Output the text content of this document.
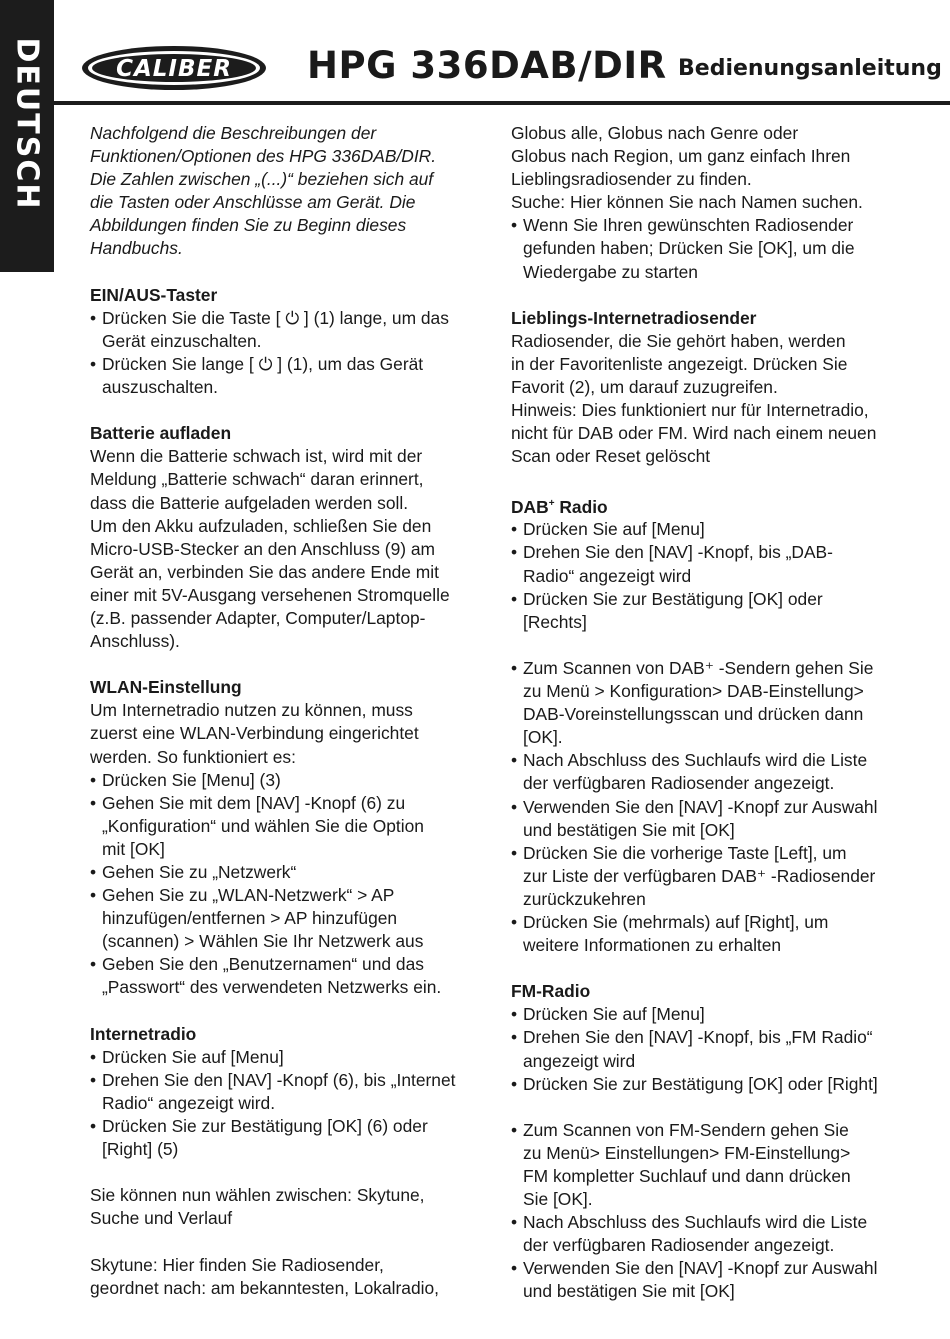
DEUTSCH	CALIBER HPG 336DAB/DIR Bedienungsanleitung

Nachfolgend die Beschreibungen der
Funktionen/Optionen des HPG 336DAB/DIR.
Die Zahlen zwischen „(...)“ beziehen sich auf
die Tasten oder Anschlüsse am Gerät. Die
Abbildungen finden Sie zu Beginn dieses
Handbuchs.

EIN/AUS-Taster

• Drücken Sie die Taste [ ⏻ ] (1) lange, um das
Gerät einzuschalten.
• Drücken Sie lange [ ⏻ ] (1), um das Gerät
auszuschalten.

Batterie aufladen

Wenn die Batterie schwach ist, wird mit der
Meldung „Batterie schwach“ daran erinnert,
dass die Batterie aufgeladen werden soll.
Um den Akku aufzuladen, schließen Sie den
Micro-USB-Stecker an den Anschluss (9) am
Gerät an, verbinden Sie das andere Ende mit
einer mit 5V-Ausgang versehenen Stromquelle
(z.B. passender Adapter, Computer/Laptop-
Anschluss).

WLAN-Einstellung

Um Internetradio nutzen zu können, muss
zuerst eine WLAN-Verbindung eingerichtet
werden. So funktioniert es:

• Drücken Sie [Menu] (3)
• Gehen Sie mit dem [NAV] -Knopf (6) zu
„Konfiguration“ und wählen Sie die Option
mit [OK]
• Gehen Sie zu „Netzwerk“
• Gehen Sie zu „WLAN-Netzwerk“ > AP
hinzufügen/entfernen > AP hinzufügen
(scannen) > Wählen Sie Ihr Netzwerk aus
• Geben Sie den „Benutzernamen“ und das
„Passwort“ des verwendeten Netzwerks ein.

Internetradio

• Drücken Sie auf [Menu]
• Drehen Sie den [NAV] -Knopf (6), bis „Internet
Radio“ angezeigt wird.
• Drücken Sie zur Bestätigung [OK] (6) oder
[Right] (5)

Sie können nun wählen zwischen: Skytune,
Suche und Verlauf

Skytune: Hier finden Sie Radiosender,
geordnet nach: am bekanntesten, Lokalradio,

Globus alle, Globus nach Genre oder
Globus nach Region, um ganz einfach Ihren
Lieblingsradiosender zu finden.
Suche: Hier können Sie nach Namen suchen.

• Wenn Sie Ihren gewünschten Radiosender
gefunden haben; Drücken Sie [OK], um die
Wiedergabe zu starten

Lieblings-Internetradiosender

Radiosender, die Sie gehört haben, werden
in der Favoritenliste angezeigt. Drücken Sie
Favorit (2), um darauf zuzugreifen.
Hinweis: Dies funktioniert nur für Internetradio,
nicht für DAB oder FM. Wird nach einem neuen
Scan oder Reset gelöscht

DAB+ Radio

• Drücken Sie auf [Menu]
• Drehen Sie den [NAV] -Knopf, bis „DAB-
Radio“ angezeigt wird
• Drücken Sie zur Bestätigung [OK] oder
[Rechts]
• Zum Scannen von DAB⁺ -Sendern gehen Sie
zu Menü > Konfiguration> DAB-Einstellung>
DAB-Voreinstellungsscan und drücken dann
[OK].
• Nach Abschluss des Suchlaufs wird die Liste
der verfügbaren Radiosender angezeigt.
• Verwenden Sie den [NAV] -Knopf zur Auswahl
und bestätigen Sie mit [OK]
• Drücken Sie die vorherige Taste [Left], um
zur Liste der verfügbaren DAB⁺ -Radiosender
zurückzukehren
• Drücken Sie (mehrmals) auf [Right], um
weitere Informationen zu erhalten

FM-Radio

• Drücken Sie auf [Menu]
• Drehen Sie den [NAV] -Knopf, bis „FM Radio“
angezeigt wird
• Drücken Sie zur Bestätigung [OK] oder [Right]
• Zum Scannen von FM-Sendern gehen Sie
zu Menü> Einstellungen> FM-Einstellung>
FM kompletter Suchlauf und dann drücken
Sie [OK].
• Nach Abschluss des Suchlaufs wird die Liste
der verfügbaren Radiosender angezeigt.
• Verwenden Sie den [NAV] -Knopf zur Auswahl
und bestätigen Sie mit [OK]
